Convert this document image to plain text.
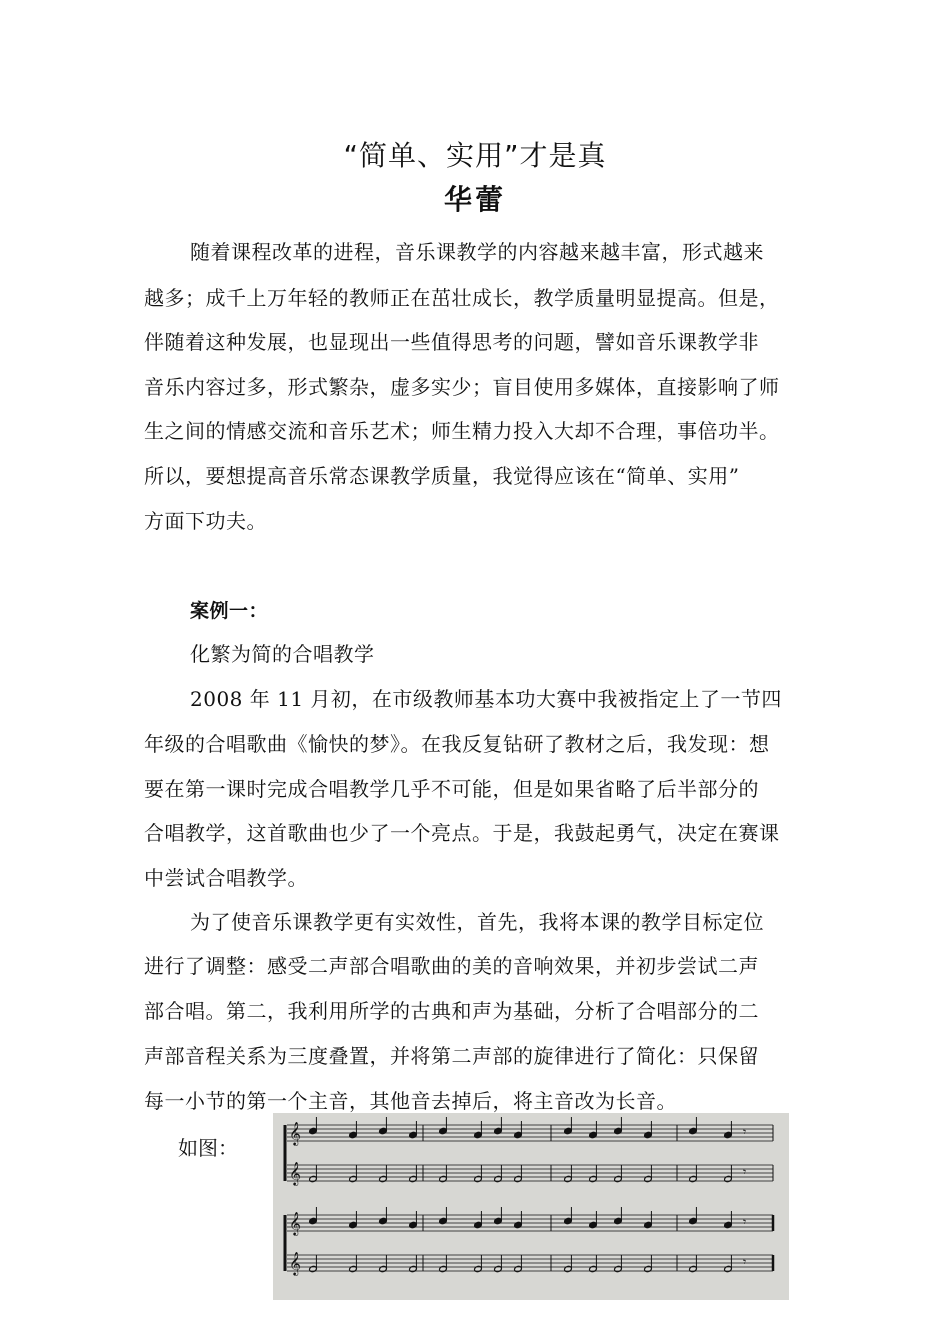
“简单、实用”才是真
华蕾
随着课程改革的进程，音乐课教学的内容越来越丰富，形式越来
越多；成千上万年轻的教师正在茁壮成长，教学质量明显提高。但是，
伴随着这种发展，也显现出一些值得思考的问题，譬如音乐课教学非
音乐内容过多，形式繁杂，虚多实少；盲目使用多媒体，直接影响了师
生之间的情感交流和音乐艺术；师生精力投入大却不合理，事倍功半。
所以，要想提高音乐常态课教学质量，我觉得应该在“简单、实用”
方面下功夫。
案例一：
化繁为简的合唱教学
2008 年 11 月初，在市级教师基本功大赛中我被指定上了一节四
年级的合唱歌曲《愉快的梦》。在我反复钻研了教材之后，我发现：想
要在第一课时完成合唱教学几乎不可能，但是如果省略了后半部分的
合唱教学，这首歌曲也少了一个亮点。于是，我鼓起勇气，决定在赛课
中尝试合唱教学。
为了使音乐课教学更有实效性，首先，我将本课的教学目标定位
进行了调整：感受二声部合唱歌曲的美的音响效果，并初步尝试二声
部合唱。第二，我利用所学的古典和声为基础，分析了合唱部分的二
声部音程关系为三度叠置，并将第二声部的旋律进行了简化：只保留
每一小节的第一个主音，其他音去掉后，将主音改为长音。
如图：
𝄞	𝄾
𝄞	𝄾
𝄞	𝄾
𝄞	𝄾
